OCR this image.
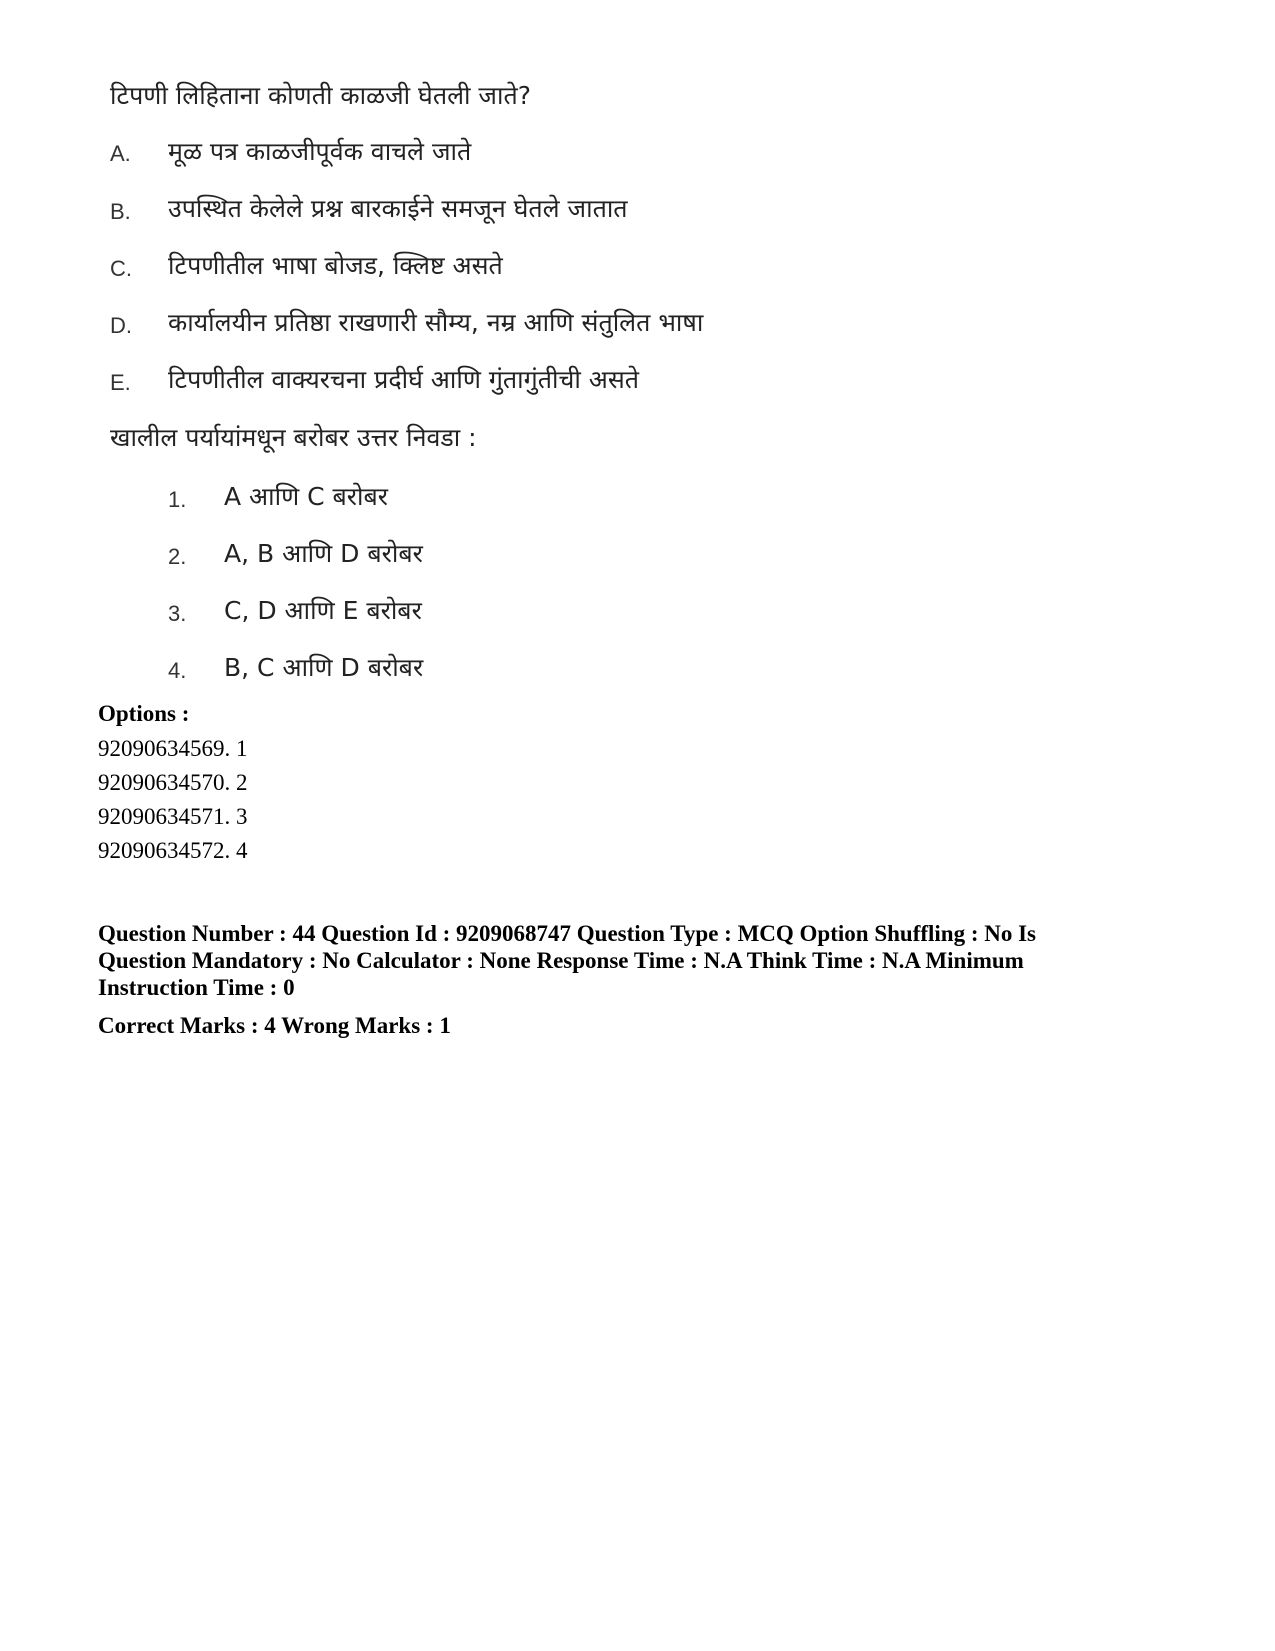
टिपणी लिहिताना कोणती काळजी घेतली जाते?
A. मूळ पत्र काळजीपूर्वक वाचले जाते
B. उपस्थित केलेले प्रश्न बारकाईने समजून घेतले जातात
C. टिपणीतील भाषा बोजड, क्लिष्ट असते
D. कार्यालयीन प्रतिष्ठा राखणारी सौम्य, नम्र आणि संतुलित भाषा
E. टिपणीतील वाक्यरचना प्रदीर्घ आणि गुंतागुंतीची असते
खालील पर्यायांमधून बरोबर उत्तर निवडा :
1. A आणि C बरोबर
2. A, B आणि D बरोबर
3. C, D आणि E बरोबर
4. B, C आणि D बरोबर
Options :
92090634569. 1
92090634570. 2
92090634571. 3
92090634572. 4
Question Number : 44 Question Id : 9209068747 Question Type : MCQ Option Shuffling : No Is
Question Mandatory : No Calculator : None Response Time : N.A Think Time : N.A Minimum
Instruction Time : 0
Correct Marks : 4 Wrong Marks : 1
